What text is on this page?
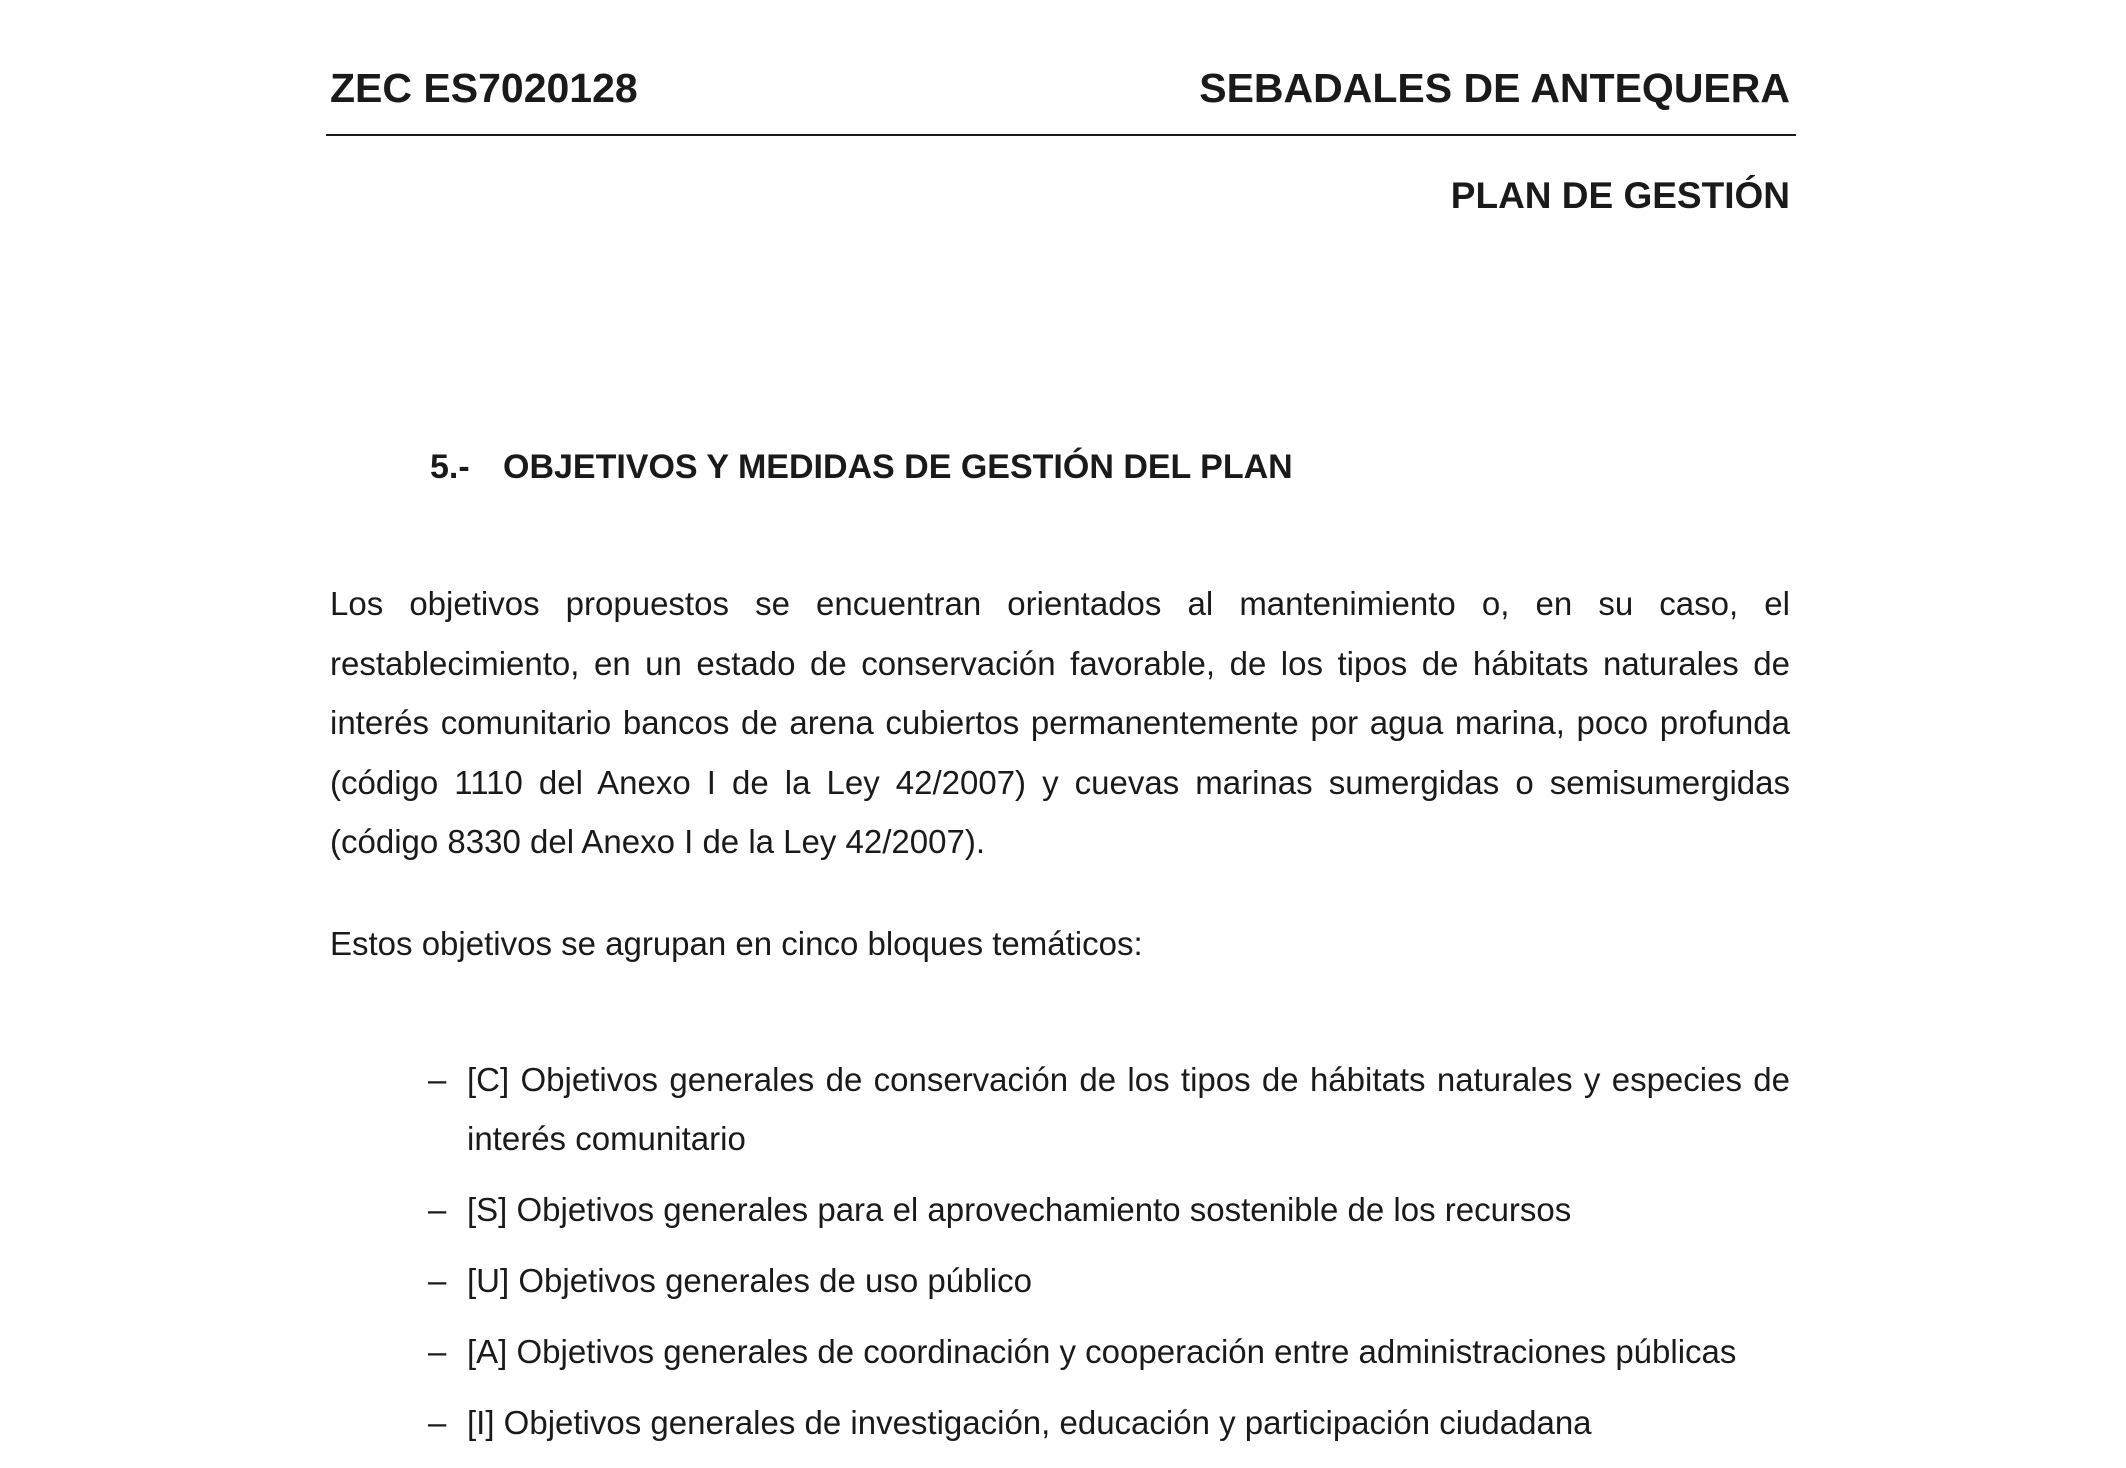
ZEC ES7020128	SEBADALES DE ANTEQUERA
PLAN DE GESTIÓN
5.- OBJETIVOS Y MEDIDAS DE GESTIÓN DEL PLAN

Los objetivos propuestos se encuentran orientados al mantenimiento o, en su caso, el restablecimiento, en un estado de conservación favorable, de los tipos de hábitats naturales de interés comunitario bancos de arena cubiertos permanentemente por agua marina, poco profunda (código 1110 del Anexo I de la Ley 42/2007) y cuevas marinas sumergidas o semisumergidas (código 8330 del Anexo I de la Ley 42/2007).

Estos objetivos se agrupan en cinco bloques temáticos:

– [C] Objetivos generales de conservación de los tipos de hábitats naturales y especies de interés comunitario
– [S] Objetivos generales para el aprovechamiento sostenible de los recursos
– [U] Objetivos generales de uso público
– [A] Objetivos generales de coordinación y cooperación entre administraciones públicas
– [I] Objetivos generales de investigación, educación y participación ciudadana
